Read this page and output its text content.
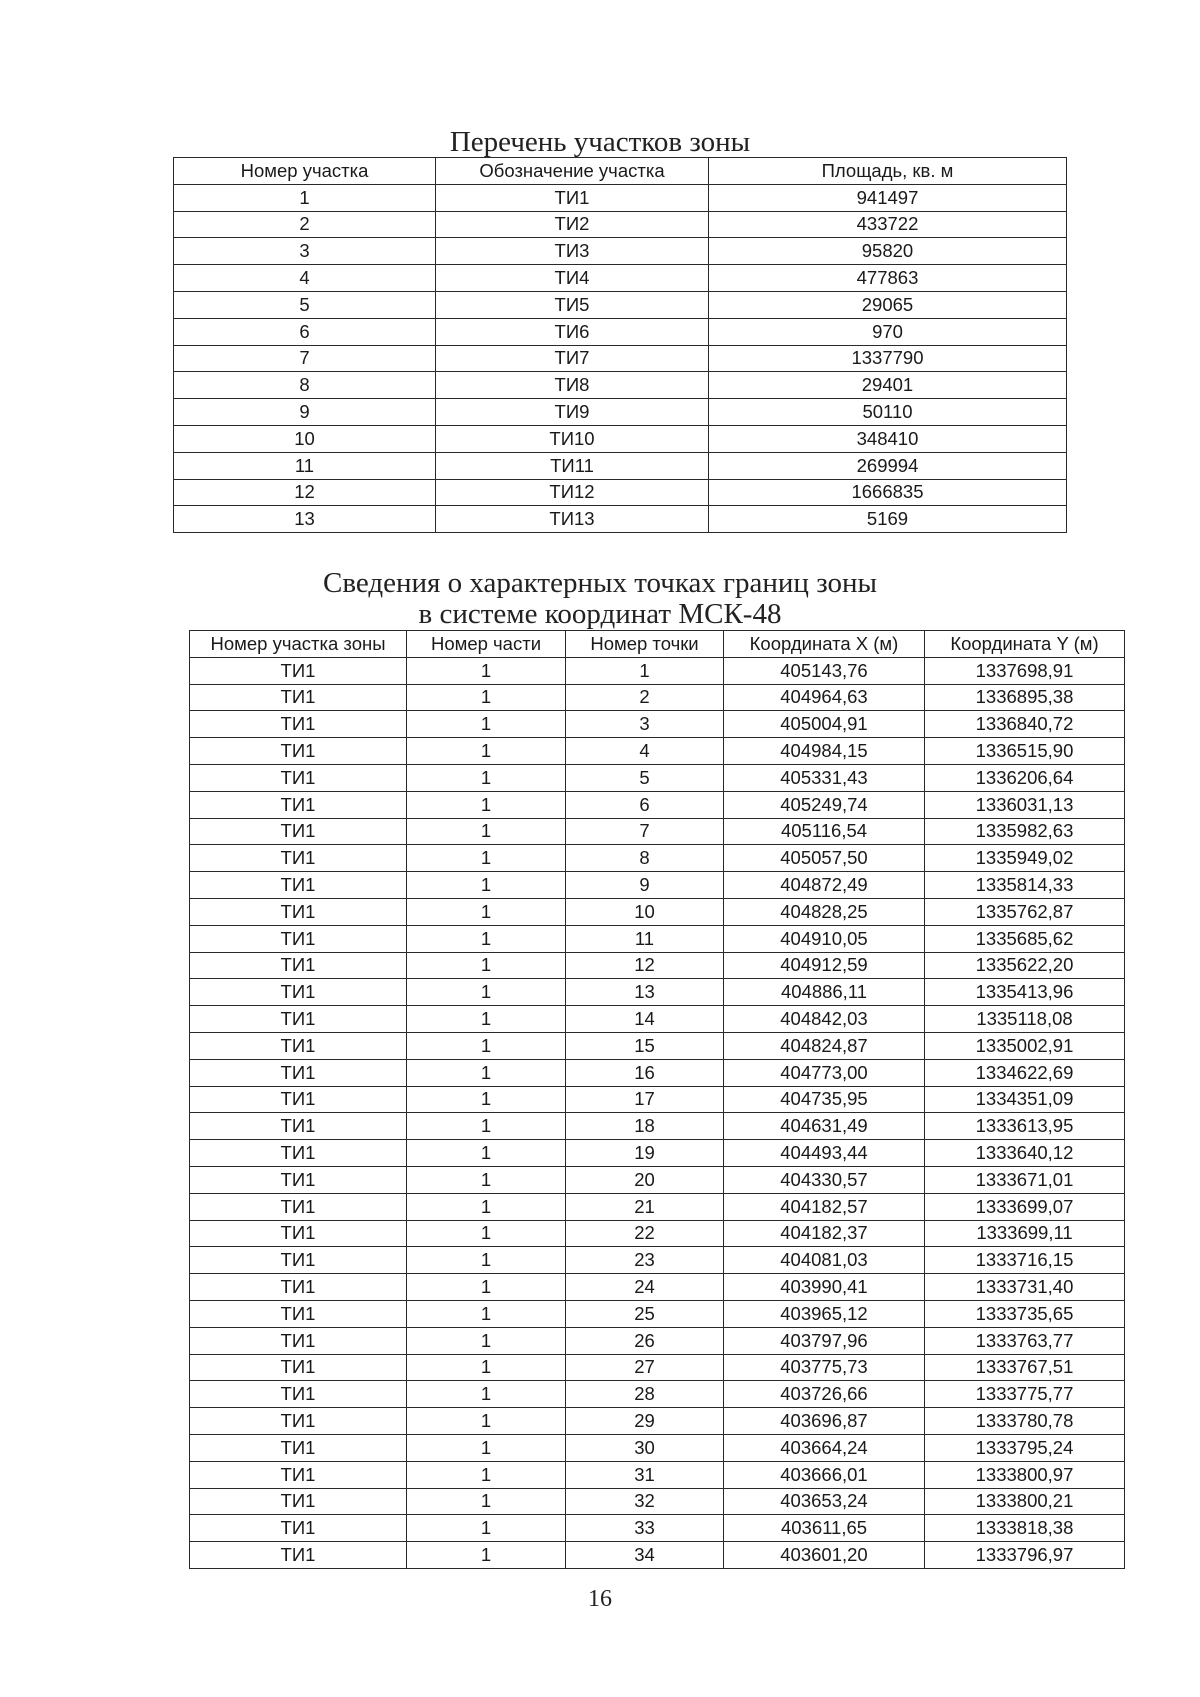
Перечень участков зоны
Номер участка	Обозначение участка	Площадь, кв. м
1	ТИ1	941497
2	ТИ2	433722
3	ТИ3	95820
4	ТИ4	477863
5	ТИ5	29065
6	ТИ6	970
7	ТИ7	1337790
8	ТИ8	29401
9	ТИ9	50110
10	ТИ10	348410
11	ТИ11	269994
12	ТИ12	1666835
13	ТИ13	5169
Сведения о характерных точках границ зоны
в системе координат МСК-48
Номер участка зоны	Номер части	Номер точки	Координата X (м)	Координата Y (м)
ТИ1	1	1	405143,76	1337698,91
ТИ1	1	2	404964,63	1336895,38
ТИ1	1	3	405004,91	1336840,72
ТИ1	1	4	404984,15	1336515,90
ТИ1	1	5	405331,43	1336206,64
ТИ1	1	6	405249,74	1336031,13
ТИ1	1	7	405116,54	1335982,63
ТИ1	1	8	405057,50	1335949,02
ТИ1	1	9	404872,49	1335814,33
ТИ1	1	10	404828,25	1335762,87
ТИ1	1	11	404910,05	1335685,62
ТИ1	1	12	404912,59	1335622,20
ТИ1	1	13	404886,11	1335413,96
ТИ1	1	14	404842,03	1335118,08
ТИ1	1	15	404824,87	1335002,91
ТИ1	1	16	404773,00	1334622,69
ТИ1	1	17	404735,95	1334351,09
ТИ1	1	18	404631,49	1333613,95
ТИ1	1	19	404493,44	1333640,12
ТИ1	1	20	404330,57	1333671,01
ТИ1	1	21	404182,57	1333699,07
ТИ1	1	22	404182,37	1333699,11
ТИ1	1	23	404081,03	1333716,15
ТИ1	1	24	403990,41	1333731,40
ТИ1	1	25	403965,12	1333735,65
ТИ1	1	26	403797,96	1333763,77
ТИ1	1	27	403775,73	1333767,51
ТИ1	1	28	403726,66	1333775,77
ТИ1	1	29	403696,87	1333780,78
ТИ1	1	30	403664,24	1333795,24
ТИ1	1	31	403666,01	1333800,97
ТИ1	1	32	403653,24	1333800,21
ТИ1	1	33	403611,65	1333818,38
ТИ1	1	34	403601,20	1333796,97
16
